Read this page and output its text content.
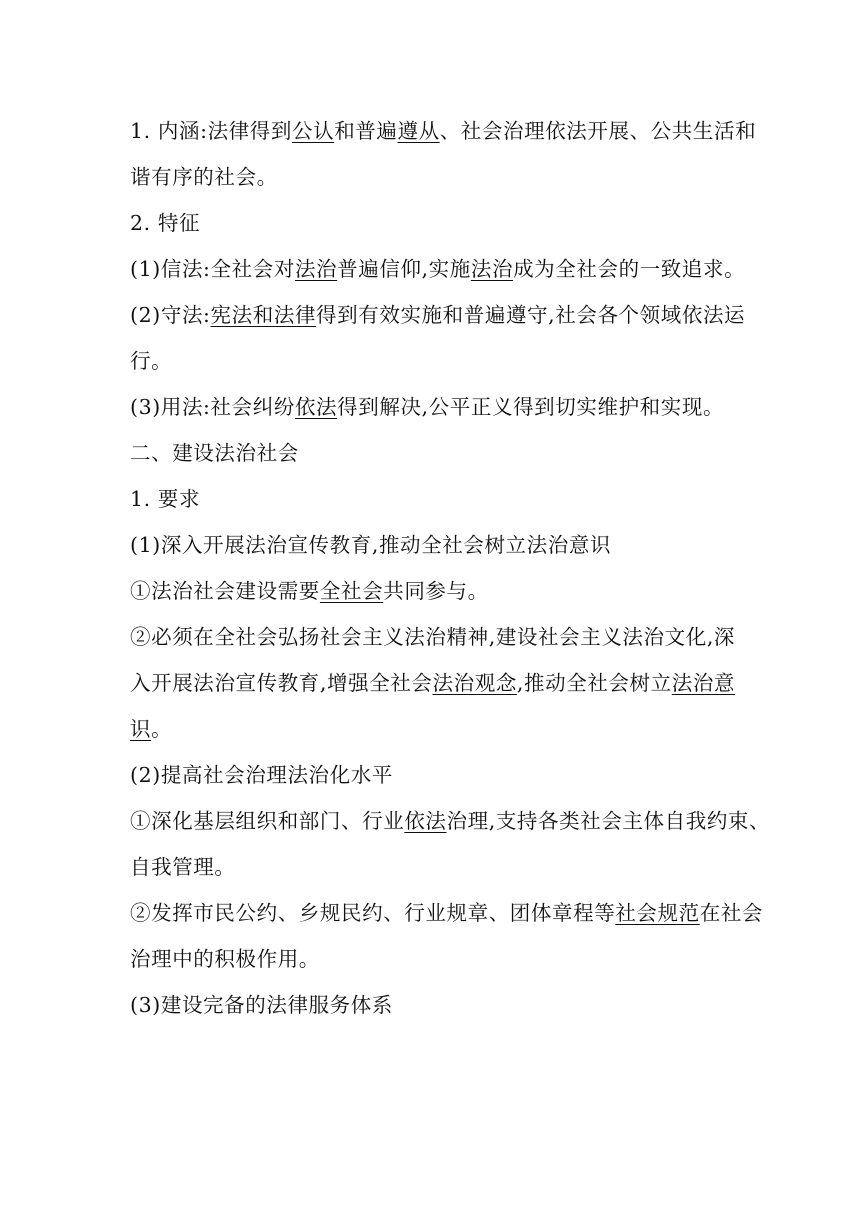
1. 内涵:法律得到公认和普遍遵从、社会治理依法开展、公共生活和
谐有序的社会。
2. 特征
(1)信法:全社会对法治普遍信仰,实施法治成为全社会的一致追求。
(2)守法:宪法和法律得到有效实施和普遍遵守,社会各个领域依法运
行。
(3)用法:社会纠纷依法得到解决,公平正义得到切实维护和实现。
二、建设法治社会
1. 要求
(1)深入开展法治宣传教育,推动全社会树立法治意识
①法治社会建设需要全社会共同参与。
②必须在全社会弘扬社会主义法治精神,建设社会主义法治文化,深
入开展法治宣传教育,增强全社会法治观念,推动全社会树立法治意
识。
(2)提高社会治理法治化水平
①深化基层组织和部门、行业依法治理,支持各类社会主体自我约束、
自我管理。
②发挥市民公约、乡规民约、行业规章、团体章程等社会规范在社会
治理中的积极作用。
(3)建设完备的法律服务体系
